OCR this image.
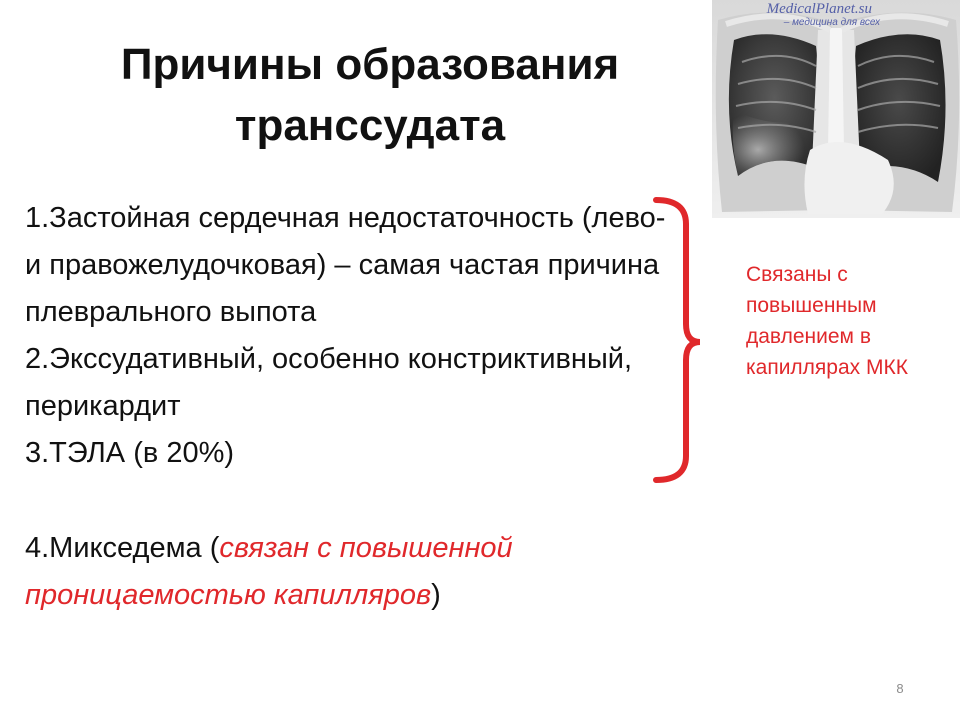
Причины образования
транссудата
MedicalPlanet.su
– медицина для всех

1.Застойная сердечная недостаточность (лево- и правожелудочковая) – самая частая причина плеврального выпота

2.Экссудативный, особенно констриктивный, перикардит

3.ТЭЛА (в 20%)

4.Микседема (связан с повышенной проницаемостью капилляров)

Связаны с повышенным давлением в капиллярах МКК
8
